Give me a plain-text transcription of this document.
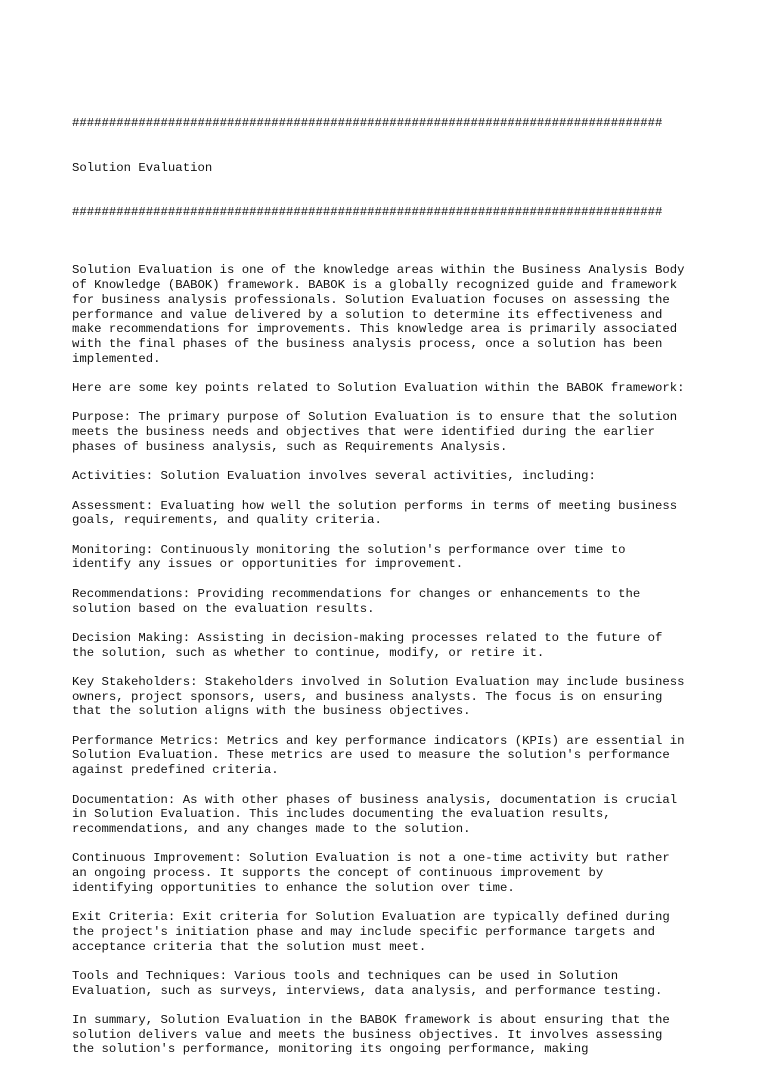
################################################################################

Solution Evaluation

################################################################################

Solution Evaluation is one of the knowledge areas within the Business Analysis Body
of Knowledge (BABOK) framework. BABOK is a globally recognized guide and framework
for business analysis professionals. Solution Evaluation focuses on assessing the
performance and value delivered by a solution to determine its effectiveness and
make recommendations for improvements. This knowledge area is primarily associated
with the final phases of the business analysis process, once a solution has been
implemented.
Here are some key points related to Solution Evaluation within the BABOK framework:
Purpose: The primary purpose of Solution Evaluation is to ensure that the solution
meets the business needs and objectives that were identified during the earlier
phases of business analysis, such as Requirements Analysis.
Activities: Solution Evaluation involves several activities, including:
Assessment: Evaluating how well the solution performs in terms of meeting business
goals, requirements, and quality criteria.
Monitoring: Continuously monitoring the solution's performance over time to
identify any issues or opportunities for improvement.
Recommendations: Providing recommendations for changes or enhancements to the
solution based on the evaluation results.
Decision Making: Assisting in decision-making processes related to the future of
the solution, such as whether to continue, modify, or retire it.
Key Stakeholders: Stakeholders involved in Solution Evaluation may include business
owners, project sponsors, users, and business analysts. The focus is on ensuring
that the solution aligns with the business objectives.
Performance Metrics: Metrics and key performance indicators (KPIs) are essential in
Solution Evaluation. These metrics are used to measure the solution's performance
against predefined criteria.
Documentation: As with other phases of business analysis, documentation is crucial
in Solution Evaluation. This includes documenting the evaluation results,
recommendations, and any changes made to the solution.
Continuous Improvement: Solution Evaluation is not a one-time activity but rather
an ongoing process. It supports the concept of continuous improvement by
identifying opportunities to enhance the solution over time.
Exit Criteria: Exit criteria for Solution Evaluation are typically defined during
the project's initiation phase and may include specific performance targets and
acceptance criteria that the solution must meet.
Tools and Techniques: Various tools and techniques can be used in Solution
Evaluation, such as surveys, interviews, data analysis, and performance testing.
In summary, Solution Evaluation in the BABOK framework is about ensuring that the
solution delivers value and meets the business objectives. It involves assessing
the solution's performance, monitoring its ongoing performance, making
